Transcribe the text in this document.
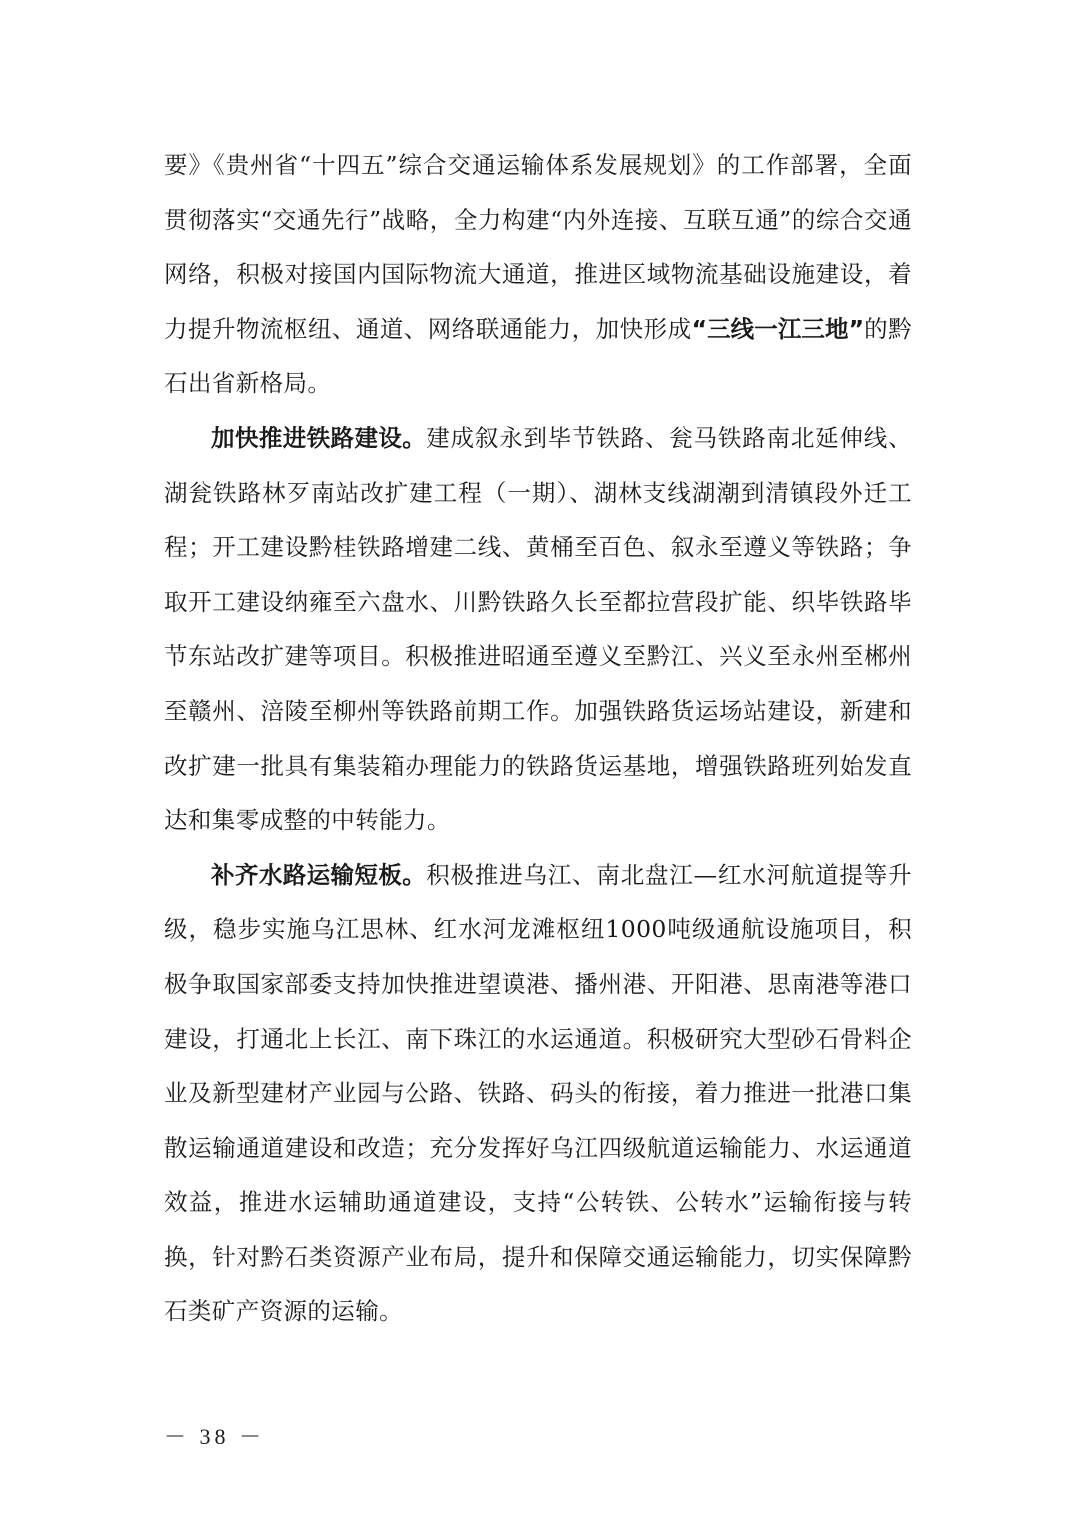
要》《贵州省“十四五”综合交通运输体系发展规划》的工作部署，全面贯彻落实“交通先行”战略，全力构建“内外连接、互联互通”的综合交通网络，积极对接国内国际物流大通道，推进区域物流基础设施建设，着力提升物流枢纽、通道、网络联通能力，加快形成“三线一江三地”的黔石出省新格局。

加快推进铁路建设。建成叙永到毕节铁路、瓮马铁路南北延伸线、湖瓮铁路林歹南站改扩建工程（一期）、湖林支线湖潮到清镇段外迁工程；开工建设黔桂铁路增建二线、黄桶至百色、叙永至遵义等铁路；争取开工建设纳雍至六盘水、川黔铁路久长至都拉营段扩能、织毕铁路毕节东站改扩建等项目。积极推进昭通至遵义至黔江、兴义至永州至郴州至赣州、涪陵至柳州等铁路前期工作。加强铁路货运场站建设，新建和改扩建一批具有集装箱办理能力的铁路货运基地，增强铁路班列始发直达和集零成整的中转能力。

补齐水路运输短板。积极推进乌江、南北盘江—红水河航道提等升级，稳步实施乌江思林、红水河龙滩枢纽1000吨级通航设施项目，积极争取国家部委支持加快推进望谟港、播州港、开阳港、思南港等港口建设，打通北上长江、南下珠江的水运通道。积极研究大型砂石骨料企业及新型建材产业园与公路、铁路、码头的衔接，着力推进一批港口集散运输通道建设和改造；充分发挥好乌江四级航道运输能力、水运通道效益，推进水运辅助通道建设，支持“公转铁、公转水”运输衔接与转换，针对黔石类资源产业布局，提升和保障交通运输能力，切实保障黔石类矿产资源的运输。

－ 38 －
